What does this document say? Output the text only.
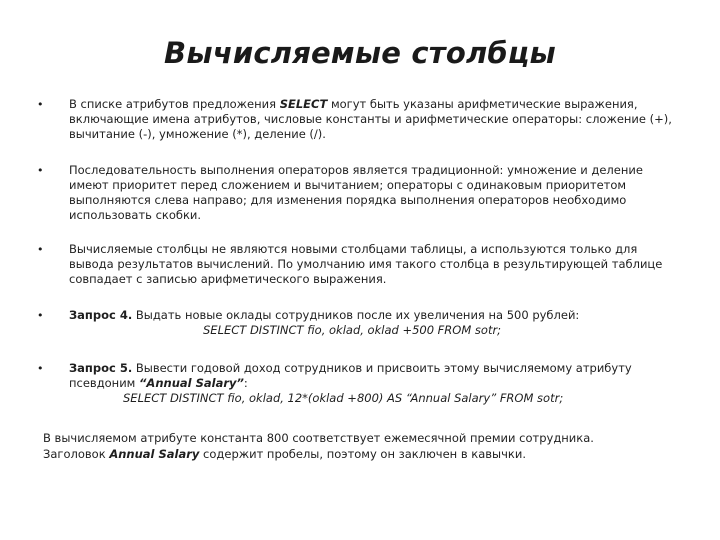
Вычисляемые столбцы
• В списке атрибутов предложения SELECT могут быть указаны арифметические выражения, включающие имена атрибутов, числовые константы и арифметические операторы: сложение (+), вычитание (-), умножение (*), деление (/).
• Последовательность выполнения операторов является традиционной: умножение и деление имеют приоритет перед сложением и вычитанием; операторы с одинаковым приоритетом выполняются слева направо; для изменения порядка выполнения операторов необходимо использовать скобки.
• Вычисляемые столбцы не являются новыми столбцами таблицы, а используются только для вывода результатов вычислений. По умолчанию имя такого столбца в результирующей таблице совпадает с записью арифметического выражения.
• Запрос 4. Выдать новые оклады сотрудников после их увеличения на 500 рублей:
SELECT DISTINCT fio, oklad, oklad +500 FROM sotr;
• Запрос 5. Вывести годовой доход сотрудников и присвоить этому вычисляемому атрибуту псевдоним “Annual Salary”:
SELECT DISTINCT fio, oklad, 12*(oklad +800) AS “Annual Salary” FROM sotr;
В вычисляемом атрибуте константа 800 соответствует ежемесячной премии сотрудника.
Заголовок Annual Salary содержит пробелы, поэтому он заключен в кавычки.
